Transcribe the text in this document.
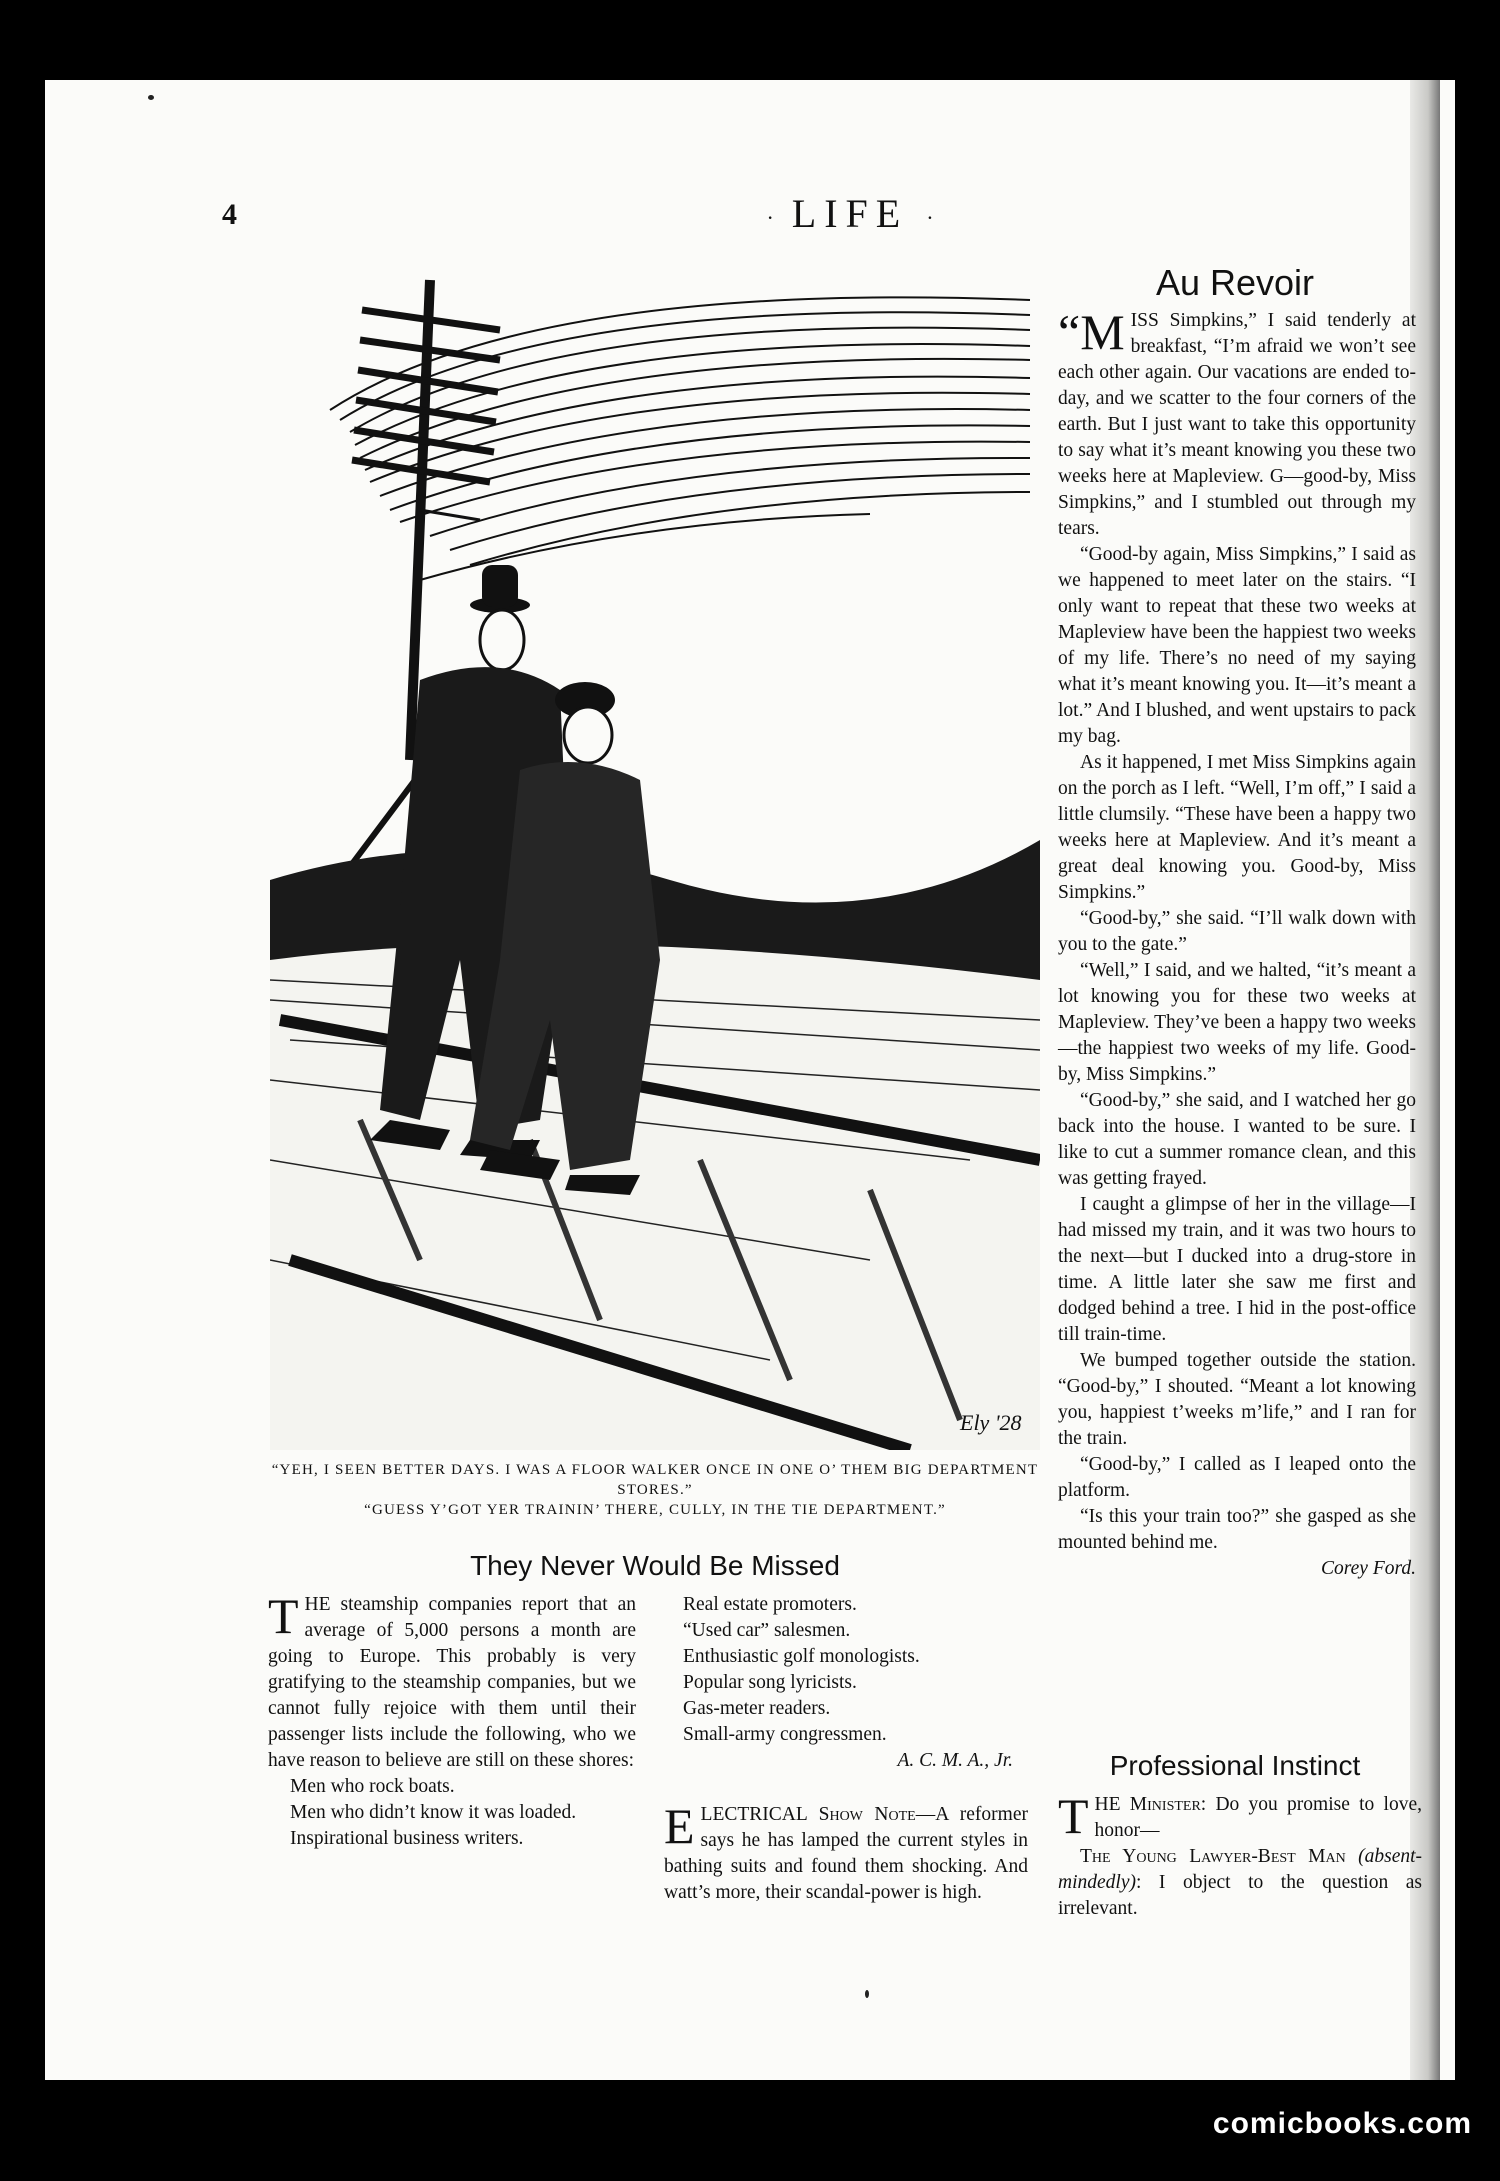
4	· LIFE ·
Ely '28

“YEH, I SEEN BETTER DAYS. I WAS A FLOOR WALKER ONCE IN ONE O’ THEM BIG DEPARTMENT STORES.”

“GUESS Y’GOT YER TRAININ’ THERE, CULLY, IN THE TIE DEPARTMENT.”

Au Revoir

“MISS Simpkins,” I said tenderly at breakfast, “I’m afraid we won’t see each other again. Our vacations are ended to-day, and we scatter to the four corners of the earth. But I just want to take this opportunity to say what it’s meant knowing you these two weeks here at Mapleview. G—good-by, Miss Simpkins,” and I stumbled out through my tears.

“Good-by again, Miss Simpkins,” I said as we happened to meet later on the stairs. “I only want to repeat that these two weeks at Mapleview have been the happiest two weeks of my life. There’s no need of my saying what it’s meant knowing you. It—it’s meant a lot.” And I blushed, and went upstairs to pack my bag.

As it happened, I met Miss Simpkins again on the porch as I left. “Well, I’m off,” I said a little clumsily. “These have been a happy two weeks here at Mapleview. And it’s meant a great deal knowing you. Good-by, Miss Simpkins.”

“Good-by,” she said. “I’ll walk down with you to the gate.”

“Well,” I said, and we halted, “it’s meant a lot knowing you for these two weeks at Mapleview. They’ve been a happy two weeks—the happiest two weeks of my life. Good-by, Miss Simpkins.”

“Good-by,” she said, and I watched her go back into the house. I wanted to be sure. I like to cut a summer romance clean, and this was getting frayed.

I caught a glimpse of her in the village—I had missed my train, and it was two hours to the next—but I ducked into a drug-store in time. A little later she saw me first and dodged behind a tree. I hid in the post-office till train-time.

We bumped together outside the station. “Good-by,” I shouted. “Meant a lot knowing you, happiest t’weeks m’life,” and I ran for the train.

“Good-by,” I called as I leaped onto the platform.

“Is this your train too?” she gasped as she mounted behind me.

Corey Ford.

They Never Would Be Missed

THE steamship companies report that an average of 5,000 persons a month are going to Europe. This probably is very gratifying to the steamship companies, but we cannot fully rejoice with them until their passenger lists include the following, who we have reason to believe are still on these shores:

Men who rock boats.

Men who didn’t know it was loaded.

Inspirational business writers.

Real estate promoters.

“Used car” salesmen.

Enthusiastic golf monologists.

Popular song lyricists.

Gas-meter readers.

Small-army congressmen.

A. C. M. A., Jr.

ELECTRICAL Show Note—A reformer says he has lamped the current styles in bathing suits and found them shocking. And watt’s more, their scandal-power is high.

Professional Instinct

THE Minister: Do you promise to love, honor—

The Young Lawyer-Best Man (absent-mindedly): I object to the question as irrelevant.

comicbooks.com
